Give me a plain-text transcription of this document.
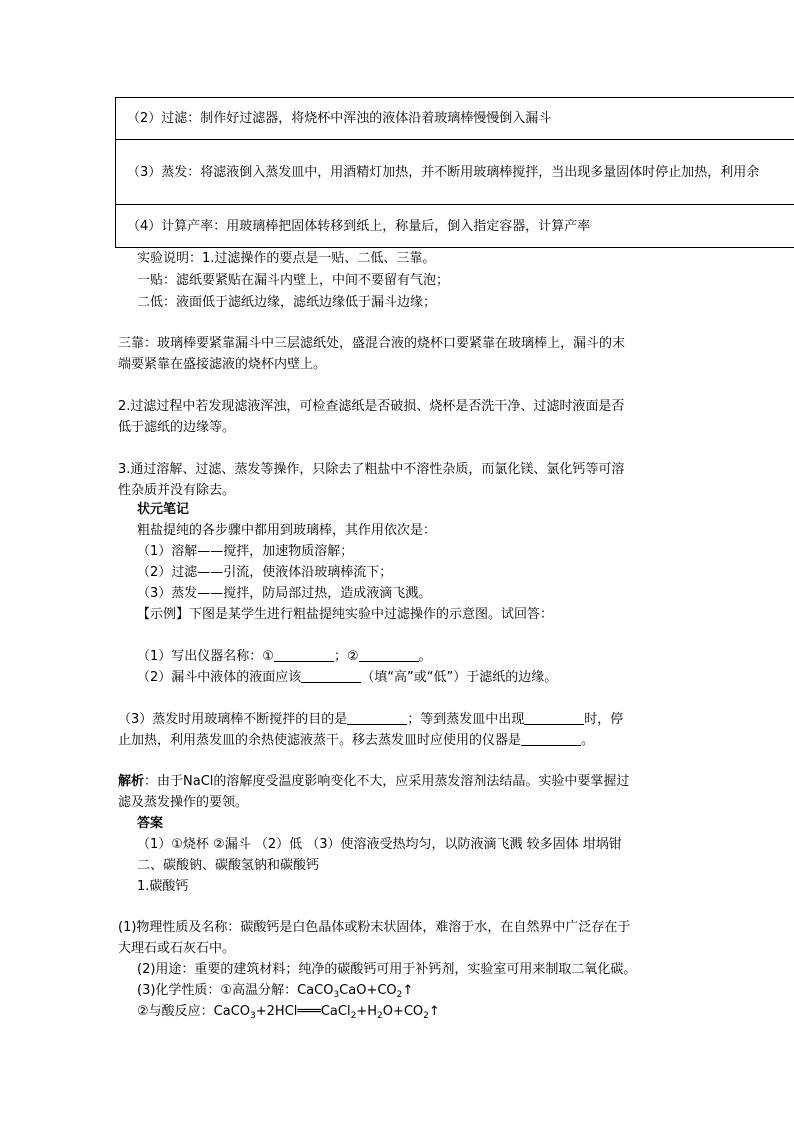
（2）过滤：制作好过滤器，将烧杯中浑浊的液体沿着玻璃棒慢慢倒入漏斗
（3）蒸发：将滤液倒入蒸发皿中，用酒精灯加热，并不断用玻璃棒搅拌，当出现多量固体时停止加热，利用余
（4）计算产率：用玻璃棒把固体转移到纸上，称量后，倒入指定容器，计算产率
实验说明：1.过滤操作的要点是一贴、二低、三靠。
一贴：滤纸要紧贴在漏斗内壁上，中间不要留有气泡；
二低：液面低于滤纸边缘，滤纸边缘低于漏斗边缘；
三靠：玻璃棒要紧靠漏斗中三层滤纸处，盛混合液的烧杯口要紧靠在玻璃棒上，漏斗的末
端要紧靠在盛接滤液的烧杯内壁上。
2.过滤过程中若发现滤液浑浊，可检查滤纸是否破损、烧杯是否洗干净、过滤时液面是否
低于滤纸的边缘等。
3.通过溶解、过滤、蒸发等操作，只除去了粗盐中不溶性杂质，而氯化镁、氯化钙等可溶
性杂质并没有除去。
状元笔记
粗盐提纯的各步骤中都用到玻璃棒，其作用依次是：
（1）溶解——搅拌，加速物质溶解；
（2）过滤——引流，使液体沿玻璃棒流下；
（3）蒸发——搅拌，防局部过热，造成液滴飞溅。
【示例】下图是某学生进行粗盐提纯实验中过滤操作的示意图。试回答：
（1）写出仪器名称：①	；②	。
（2）漏斗中液体的液面应该	（填“高”或“低”）于滤纸的边缘。
（3）蒸发时用玻璃棒不断搅拌的目的是	；等到蒸发皿中出现	时，停
止加热，利用蒸发皿的余热使滤液蒸干。移去蒸发皿时应使用的仪器是	。
解析：由于NaCl的溶解度受温度影响变化不大，应采用蒸发溶剂法结晶。实验中要掌握过
滤及蒸发操作的要领。
答案
（1）①烧杯 ②漏斗 （2）低 （3）使溶液受热均匀，以防液滴飞溅 较多固体 坩埚钳
二、碳酸钠、碳酸氢钠和碳酸钙
1.碳酸钙
(1)物理性质及名称：碳酸钙是白色晶体或粉末状固体，难溶于水，在自然界中广泛存在于
大理石或石灰石中。
(2)用途：重要的建筑材料；纯净的碳酸钙可用于补钙剂，实验室可用来制取二氧化碳。
(3)化学性质：①高温分解：$CaCO_3CaO+CO_2↑$
②与酸反应：$CaCO_3+2HCl═══CaCl_2+H_2O+CO_2↑$
